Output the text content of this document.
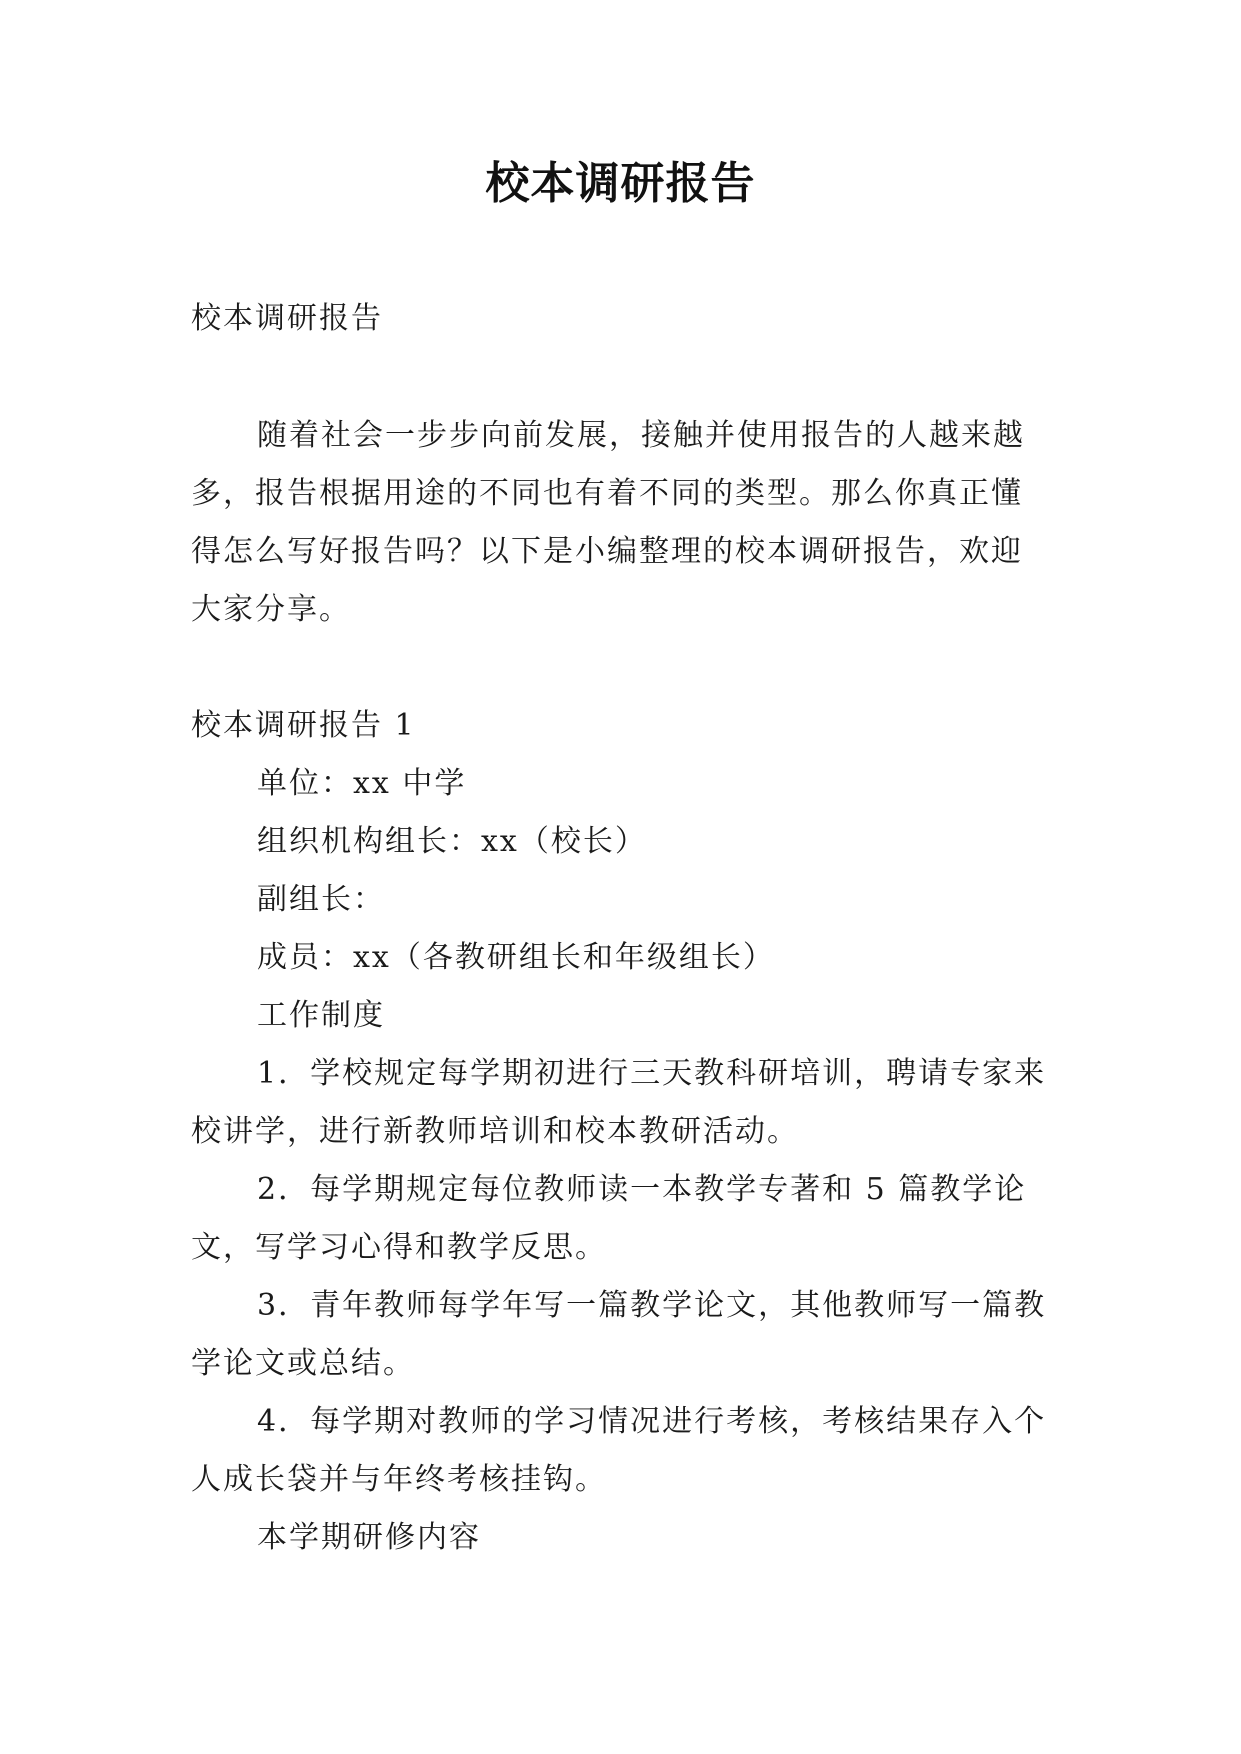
校本调研报告

校本调研报告

随着社会一步步向前发展，接触并使用报告的人越来越多，报告根据用途的不同也有着不同的类型。那么你真正懂得怎么写好报告吗？以下是小编整理的校本调研报告，欢迎大家分享。

校本调研报告 1

单位：xx 中学

组织机构组长：xx（校长）

副组长：

成员：xx（各教研组长和年级组长）

工作制度

1．学校规定每学期初进行三天教科研培训，聘请专家来校讲学，进行新教师培训和校本教研活动。

2．每学期规定每位教师读一本教学专著和 5 篇教学论文，写学习心得和教学反思。

3．青年教师每学年写一篇教学论文，其他教师写一篇教学论文或总结。

4．每学期对教师的学习情况进行考核，考核结果存入个人成长袋并与年终考核挂钩。

本学期研修内容
